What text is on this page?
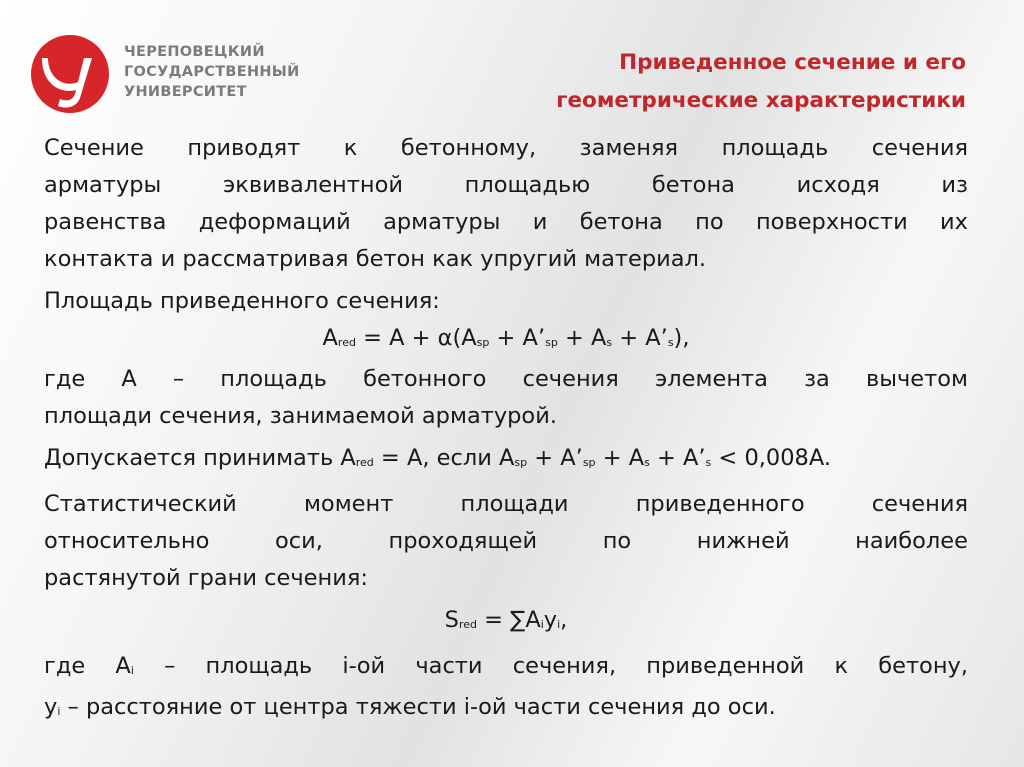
ЧЕРЕПОВЕЦКИЙ
ГОСУДАРСТВЕННЫЙ
УНИВЕРСИТЕТ
Приведенное сечение и его
геометрические характеристики
Сечение приводят к бетонному, заменяя площадь сечения
арматуры эквивалентной площадью бетона исходя из
равенства деформаций арматуры и бетона по поверхности их
контакта и рассматривая бетон как упругий материал.
Площадь приведенного сечения:
$A_{red} = A + \alpha(A_{sp}$ + $A’_{sp} + A_s$ + $A’_s$),
где А – площадь бетонного сечения элемента за вычетом
площади сечения, занимаемой арматурой.
Допускается принимать $A_{red} = A$, если $A_{sp}$ + $A’_{sp} + A_s$ + $A’_s < 0,008A$.
Статистический момент площади приведенного сечения
относительно оси, проходящей по нижней наиболее
растянутой грани сечения:
$S_{red} = \sum A_iy_i$,
где $A_i$ – площадь i-ой части сечения, приведенной к бетону,
$y_i$ – расстояние от центра тяжести i-ой части сечения до оси.
